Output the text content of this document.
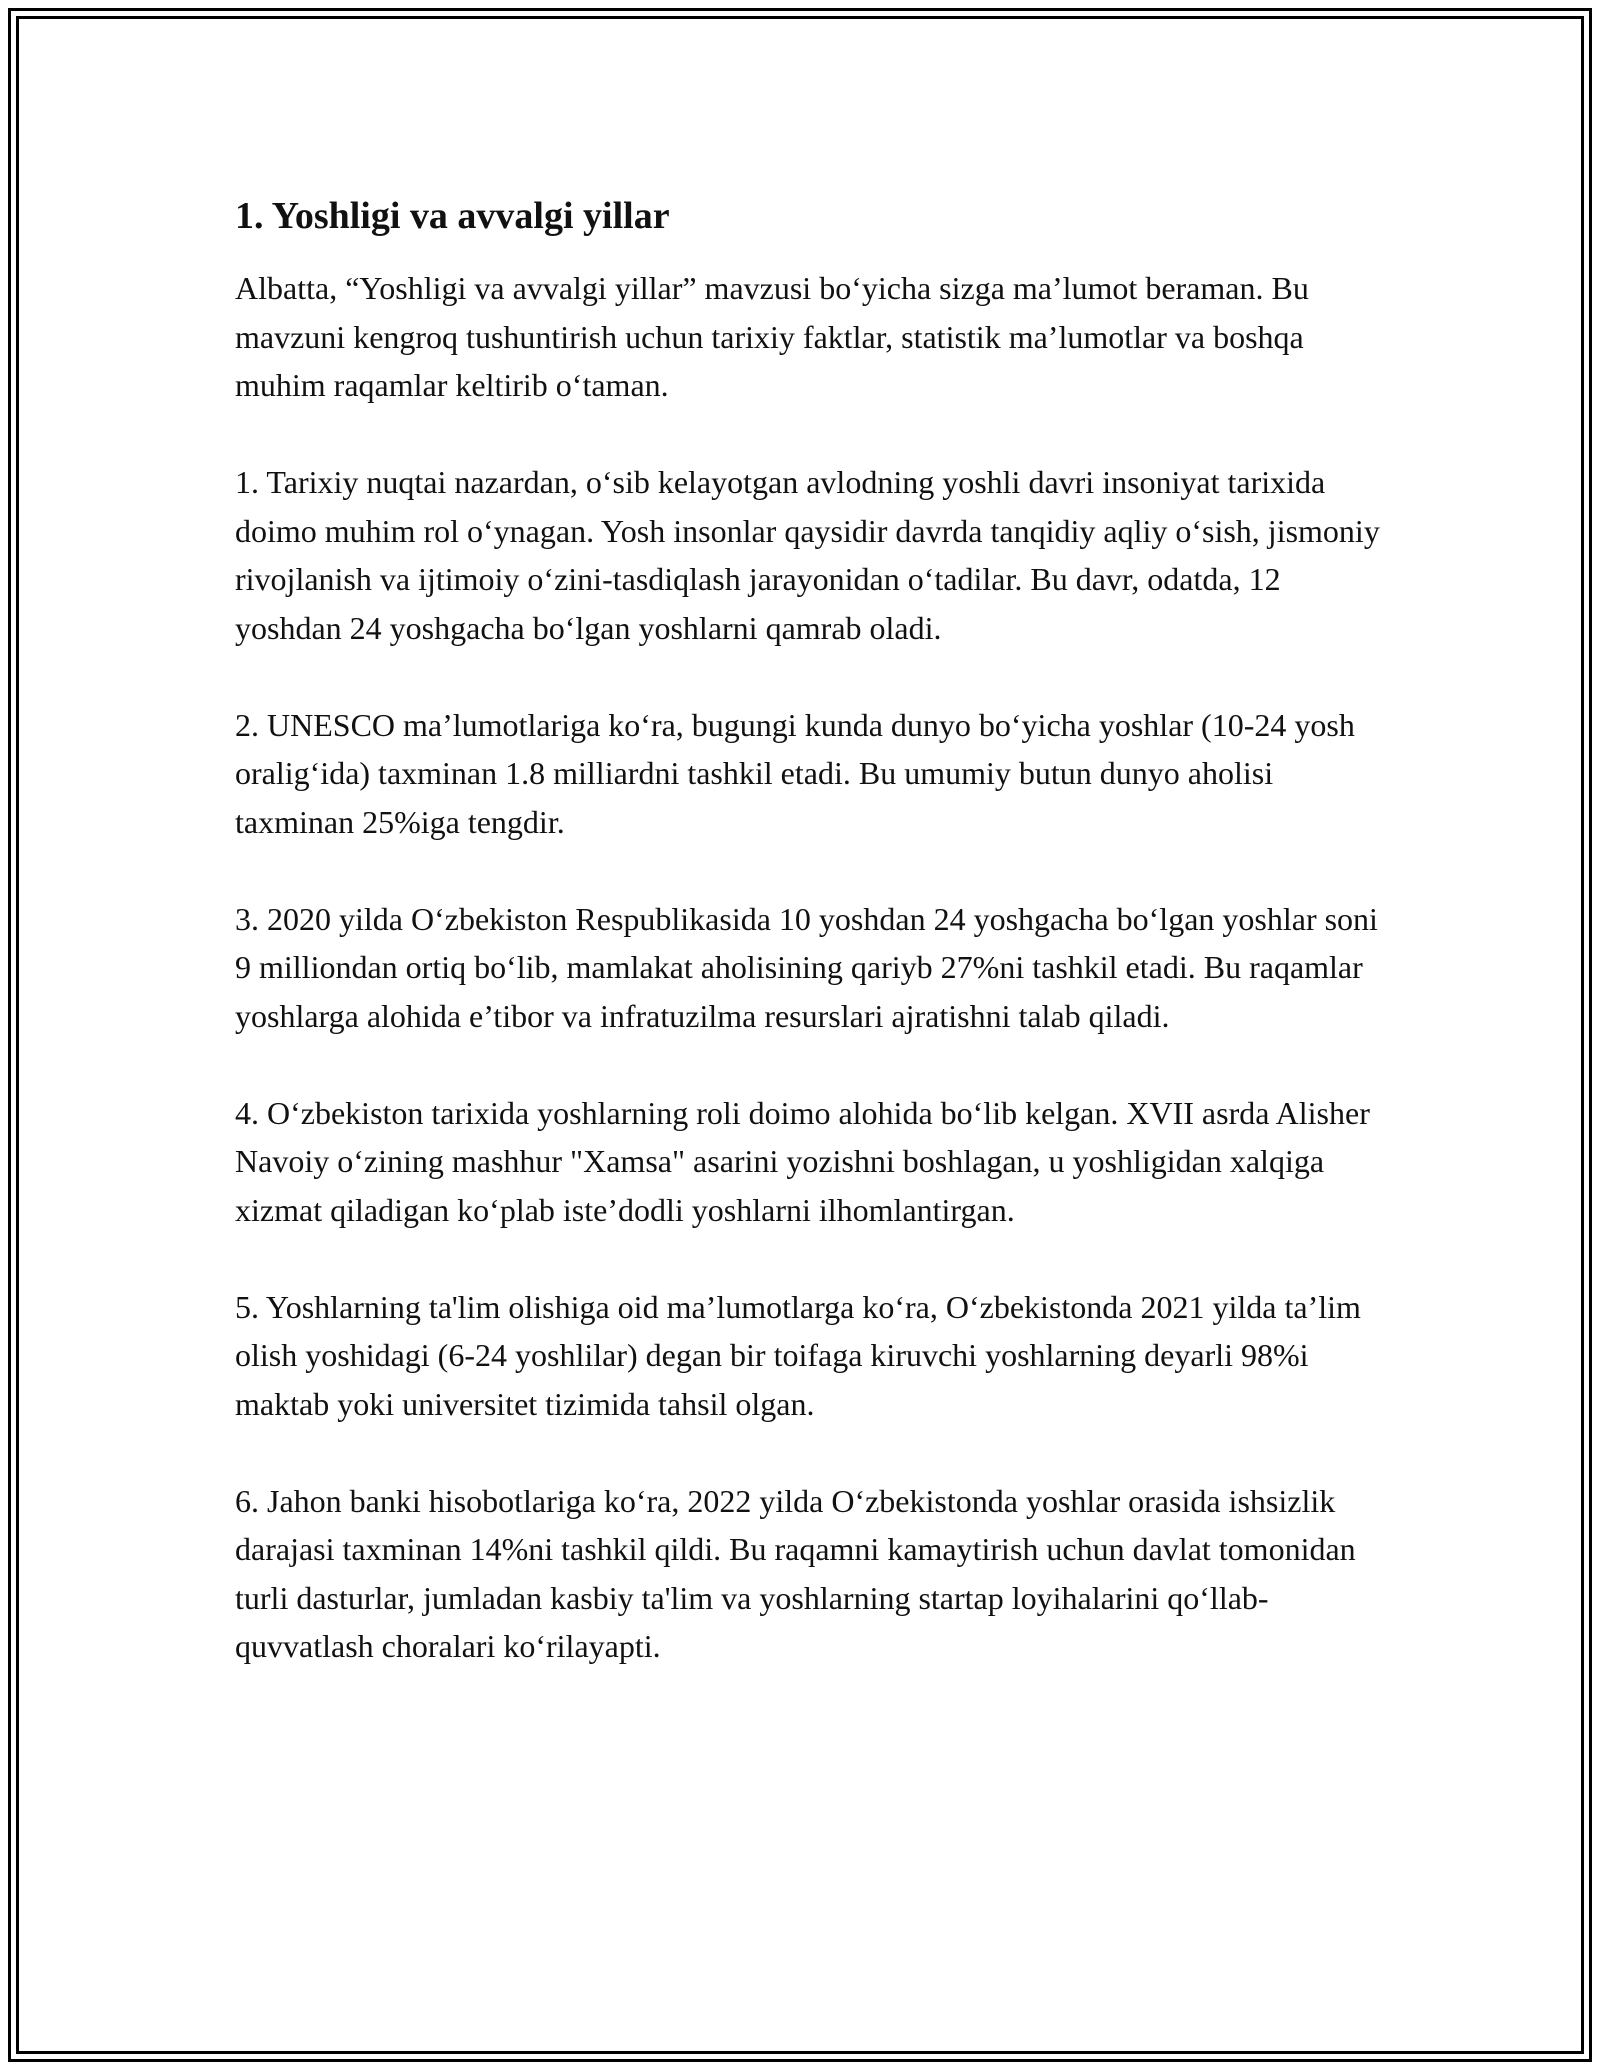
1. Yoshligi va avvalgi yillar

Albatta, “Yoshligi va avvalgi yillar” mavzusi bo‘yicha sizga ma’lumot beraman. Bu mavzuni kengroq tushuntirish uchun tarixiy faktlar, statistik ma’lumotlar va boshqa muhim raqamlar keltirib o‘taman.

1. Tarixiy nuqtai nazardan, o‘sib kelayotgan avlodning yoshli davri insoniyat tarixida doimo muhim rol o‘ynagan. Yosh insonlar qaysidir davrda tanqidiy aqliy o‘sish, jismoniy rivojlanish va ijtimoiy o‘zini-tasdiqlash jarayonidan o‘tadilar. Bu davr, odatda, 12 yoshdan 24 yoshgacha bo‘lgan yoshlarni qamrab oladi.

2. UNESCO ma’lumotlariga ko‘ra, bugungi kunda dunyo bo‘yicha yoshlar (10-24 yosh oralig‘ida) taxminan 1.8 milliardni tashkil etadi. Bu umumiy butun dunyo aholisi taxminan 25%iga tengdir.

3. 2020 yilda O‘zbekiston Respublikasida 10 yoshdan 24 yoshgacha bo‘lgan yoshlar soni 9 milliondan ortiq bo‘lib, mamlakat aholisining qariyb 27%ni tashkil etadi. Bu raqamlar yoshlarga alohida e’tibor va infratuzilma resurslari ajratishni talab qiladi.

4. O‘zbekiston tarixida yoshlarning roli doimo alohida bo‘lib kelgan. XVII asrda Alisher Navoiy o‘zining mashhur "Xamsa" asarini yozishni boshlagan, u yoshligidan xalqiga xizmat qiladigan ko‘plab iste’dodli yoshlarni ilhomlantirgan.

5. Yoshlarning ta'lim olishiga oid ma’lumotlarga ko‘ra, O‘zbekistonda 2021 yilda ta’lim olish yoshidagi (6-24 yoshlilar) degan bir toifaga kiruvchi yoshlarning deyarli 98%i maktab yoki universitet tizimida tahsil olgan.

6. Jahon banki hisobotlariga ko‘ra, 2022 yilda O‘zbekistonda yoshlar orasida ishsizlik darajasi taxminan 14%ni tashkil qildi. Bu raqamni kamaytirish uchun davlat tomonidan turli dasturlar, jumladan kasbiy ta'lim va yoshlarning startap loyihalarini qo‘llab-quvvatlash choralari ko‘rilayapti.
